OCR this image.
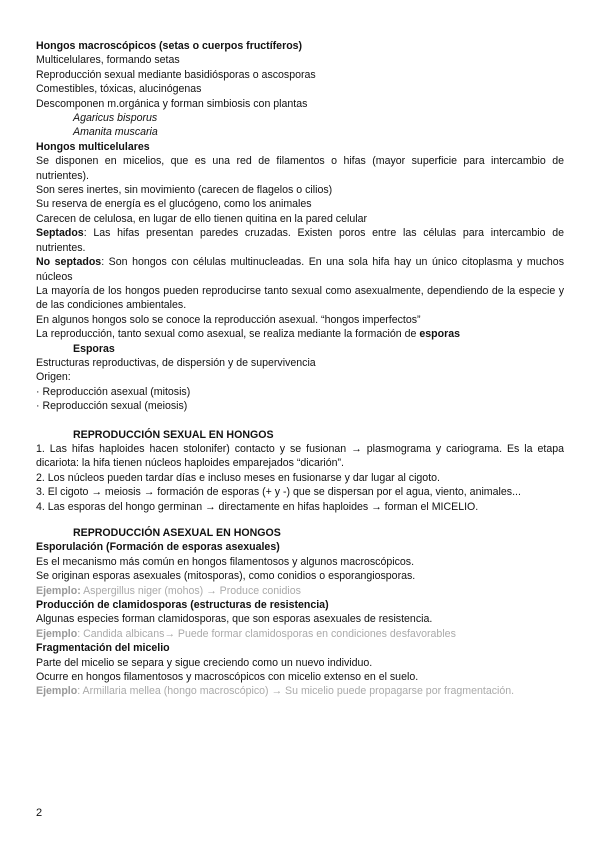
Hongos macroscópicos (setas o cuerpos fructíferos)
Multicelulares, formando setas
Reproducción sexual mediante basidiósporas o ascosporas
Comestibles, tóxicas, alucinógenas
Descomponen m.orgánica y forman simbiosis con plantas
Agaricus bisporus
Amanita muscaria
Hongos multicelulares
Se disponen en micelios, que es una red de filamentos o hifas (mayor superficie para intercambio de nutrientes).
Son seres inertes, sin movimiento (carecen de flagelos o cilios)
Su reserva de energía es el glucógeno, como los animales
Carecen de celulosa, en lugar de ello tienen quitina en la pared celular
Septados: Las hifas presentan paredes cruzadas. Existen poros entre las células para intercambio de nutrientes.
No septados: Son hongos con células multinucleadas. En una sola hifa hay un único citoplasma y muchos núcleos
La mayoría de los hongos pueden reproducirse tanto sexual como asexualmente, dependiendo de la especie y de las condiciones ambientales.
En algunos hongos solo se conoce la reproducción asexual. “hongos imperfectos”
La reproducción, tanto sexual como asexual, se realiza mediante la formación de esporas
Esporas
Estructuras reproductivas, de dispersión y de supervivencia
Origen:
· Reproducción asexual (mitosis)
· Reproducción sexual (meiosis)
REPRODUCCIÓN SEXUAL EN HONGOS
1. Las hifas haploides hacen stolonifer) contacto y se fusionan → plasmograma y cariograma. Es la etapa dicariota: la hifa tienen núcleos haploides emparejados “dicarión”.
2. Los núcleos pueden tardar días e incluso meses en fusionarse y dar lugar al cigoto.
3. El cigoto → meiosis → formación de esporas (+ y -) que se dispersan por el agua, viento, animales...
4. Las esporas del hongo germinan → directamente en hifas haploides → forman el MICELIO.
REPRODUCCIÓN ASEXUAL EN HONGOS
Esporulación (Formación de esporas asexuales)
Es el mecanismo más común en hongos filamentosos y algunos macroscópicos.
Se originan esporas asexuales (mitosporas), como conidios o esporangiosporas.
Ejemplo: Aspergillus niger (mohos) → Produce conidios
Producción de clamidosporas (estructuras de resistencia)
Algunas especies forman clamidosporas, que son esporas asexuales de resistencia.
Ejemplo: Candida albicans→ Puede formar clamidosporas en condiciones desfavorables
Fragmentación del micelio
Parte del micelio se separa y sigue creciendo como un nuevo individuo.
Ocurre en hongos filamentosos y macroscópicos con micelio extenso en el suelo.
Ejemplo: Armillaria mellea (hongo macroscópico) → Su micelio puede propagarse por fragmentación.
2
